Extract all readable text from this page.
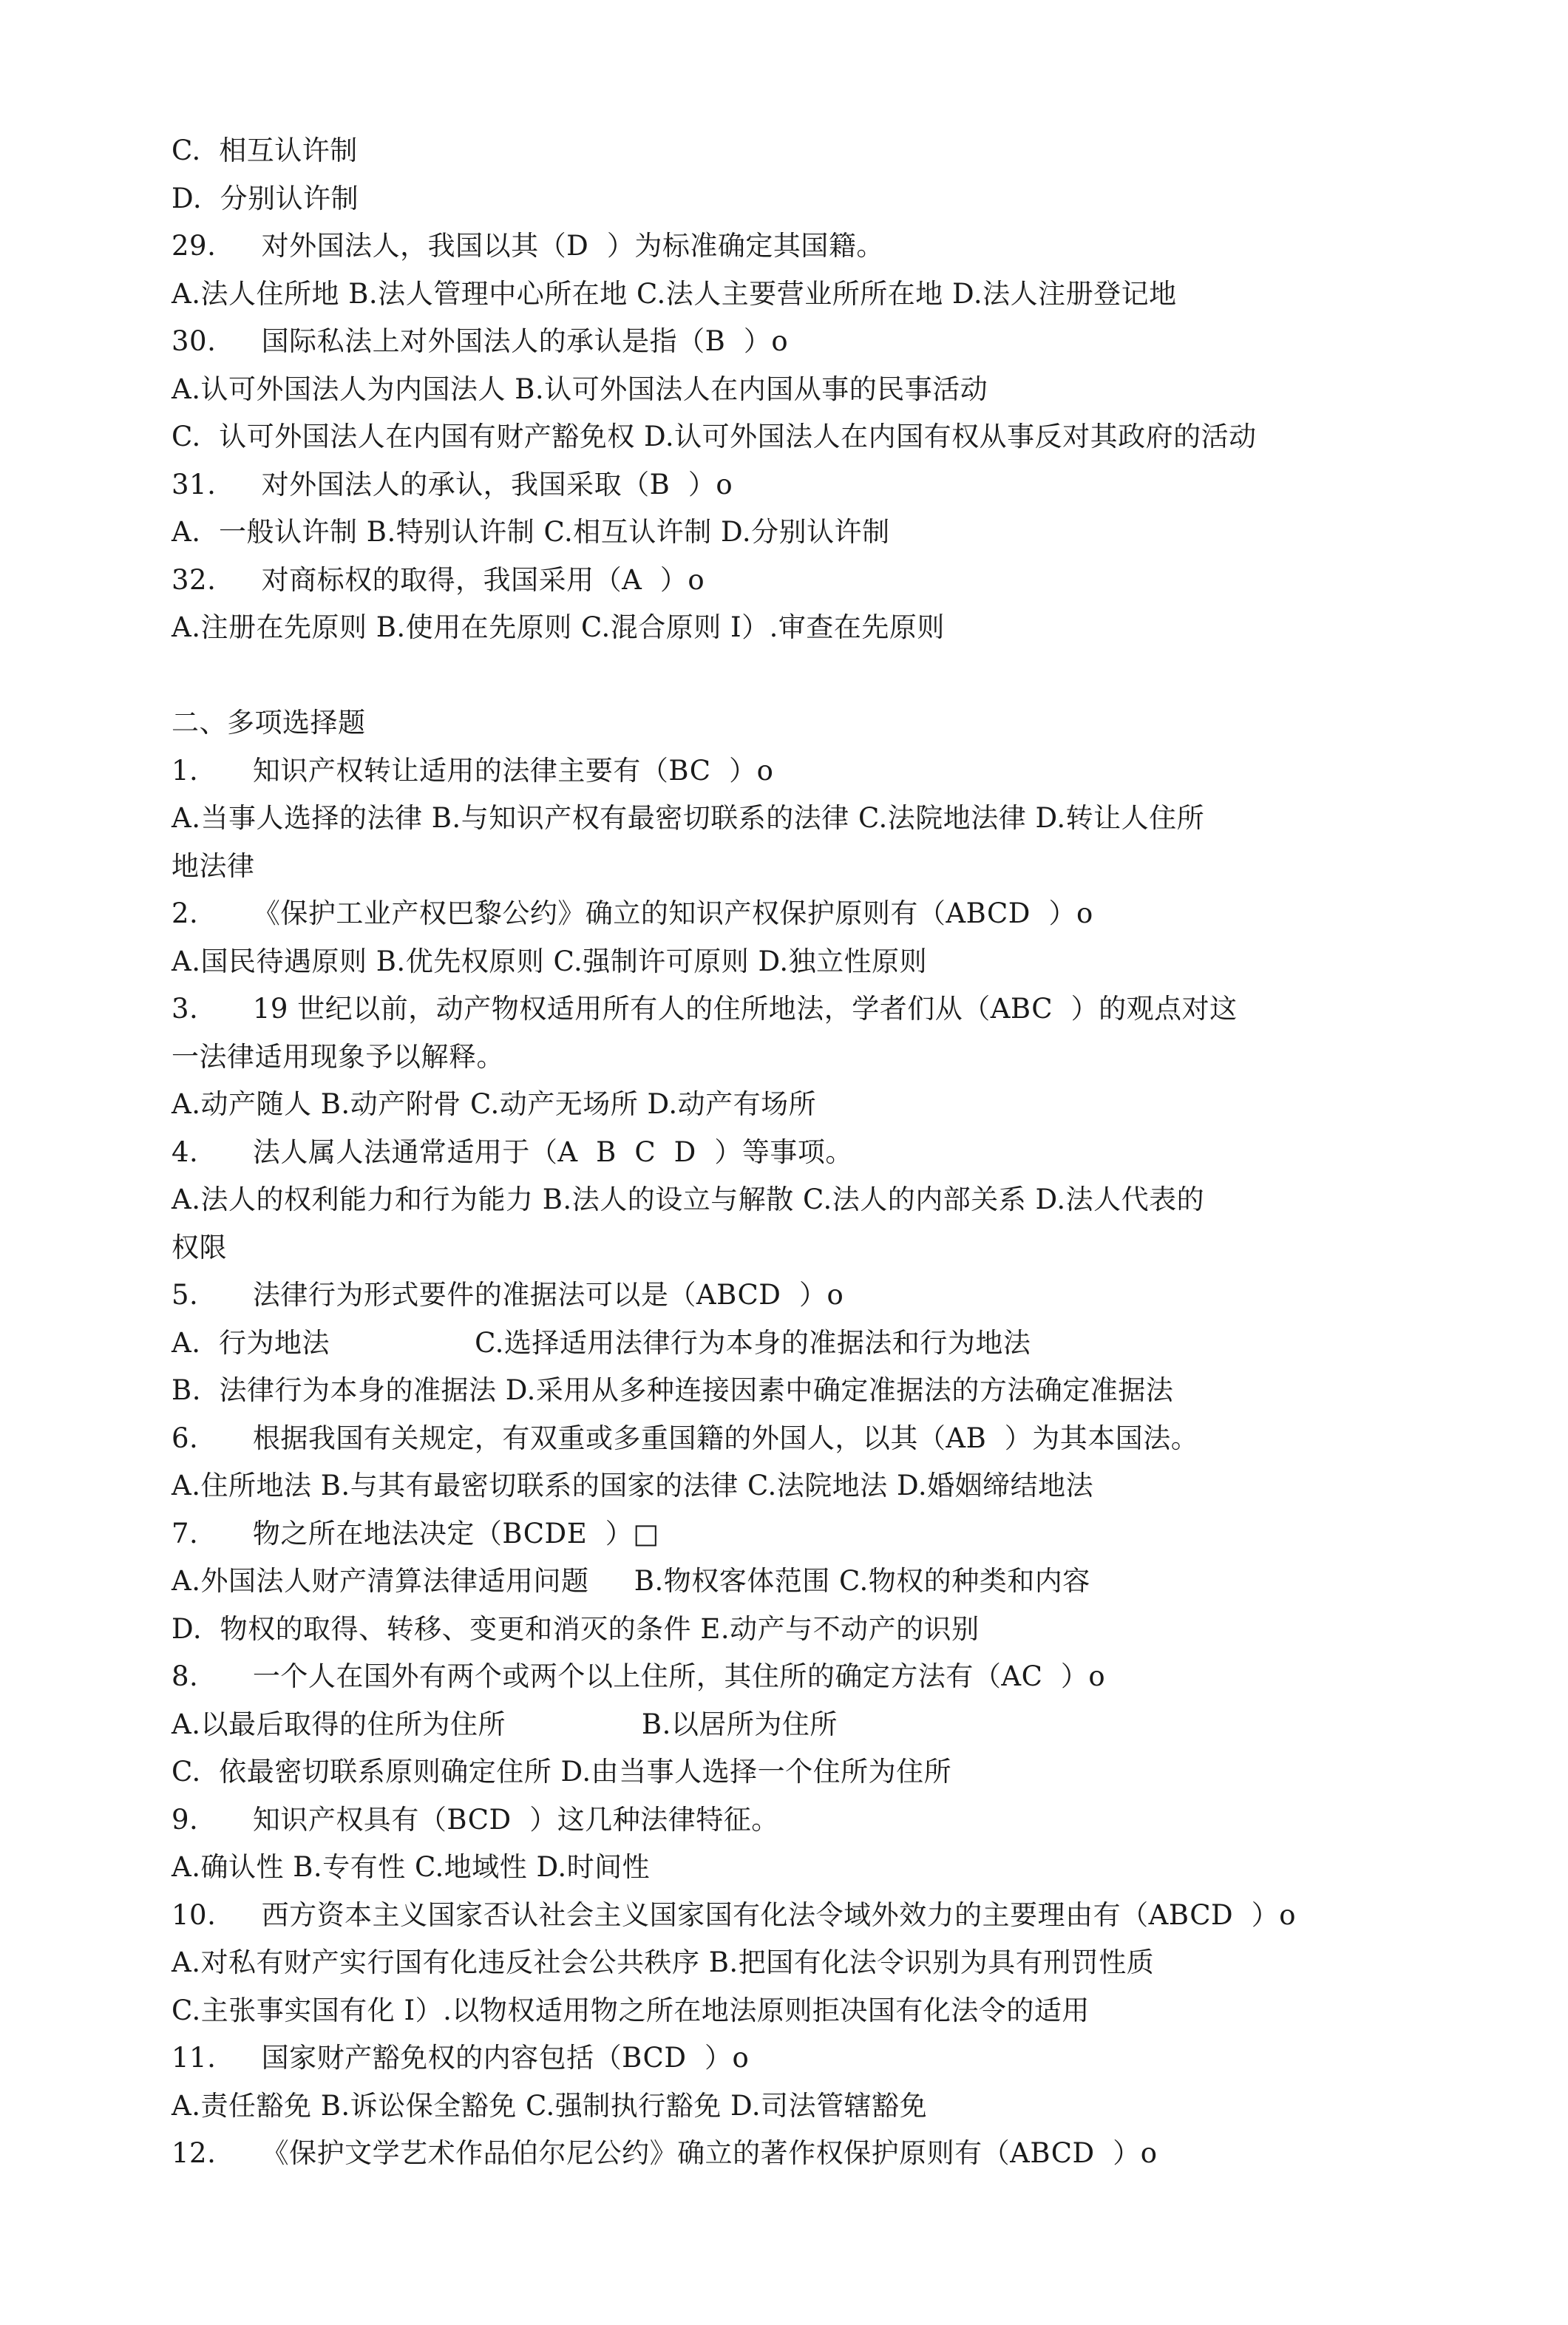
C.  相互认许制
D.  分别认许制
29.     对外国法人，我国以其（D  ）为标准确定其国籍。
A.法人住所地 B.法人管理中心所在地 C.法人主要营业所所在地 D.法人注册登记地
30.     国际私法上对外国法人的承认是指（B  ）o
A.认可外国法人为内国法人 B.认可外国法人在内国从事的民事活动
C.  认可外国法人在内国有财产豁免权 D.认可外国法人在内国有权从事反对其政府的活动
31.     对外国法人的承认，我国采取（B  ）o
A.  一般认许制 B.特别认许制 C.相互认许制 D.分别认许制
32.     对商标权的取得，我国采用（A  ）o
A.注册在先原则 B.使用在先原则 C.混合原则 I）.审查在先原则
二、多项选择题
1.      知识产权转让适用的法律主要有（BC  ）o
A.当事人选择的法律 B.与知识产权有最密切联系的法律 C.法院地法律 D.转让人住所
地法律
2.      《保护工业产权巴黎公约》确立的知识产权保护原则有（ABCD  ）o
A.国民待遇原则 B.优先权原则 C.强制许可原则 D.独立性原则
3.      19 世纪以前，动产物权适用所有人的住所地法，学者们从（ABC  ）的观点对这
一法律适用现象予以解释。
A.动产随人 B.动产附骨 C.动产无场所 D.动产有场所
4.      法人属人法通常适用于（A  B  C  D  ）等事项。
A.法人的权利能力和行为能力 B.法人的设立与解散 C.法人的内部关系 D.法人代表的
权限
5.      法律行为形式要件的准据法可以是（ABCD  ）o
A.  行为地法                C.选择适用法律行为本身的准据法和行为地法
B.  法律行为本身的准据法 D.采用从多种连接因素中确定准据法的方法确定准据法
6.      根据我国有关规定，有双重或多重国籍的外国人，以其（AB  ）为其本国法。
A.住所地法 B.与其有最密切联系的国家的法律 C.法院地法 D.婚姻缔结地法
7.      物之所在地法决定（BCDE  ）□
A.外国法人财产清算法律适用问题     B.物权客体范围 C.物权的种类和内容
D.  物权的取得、转移、变更和消灭的条件 E.动产与不动产的识别
8.      一个人在国外有两个或两个以上住所，其住所的确定方法有（AC  ）o
A.以最后取得的住所为住所               B.以居所为住所
C.  依最密切联系原则确定住所 D.由当事人选择一个住所为住所
9.      知识产权具有（BCD  ）这几种法律特征。
A.确认性 B.专有性 C.地域性 D.时间性
10.     西方资本主义国家否认社会主义国家国有化法令域外效力的主要理由有（ABCD  ）o
A.对私有财产实行国有化违反社会公共秩序 B.把国有化法令识别为具有刑罚性质
C.主张事实国有化 I）.以物权适用物之所在地法原则拒决国有化法令的适用
11.     国家财产豁免权的内容包括（BCD  ）o
A.责任豁免 B.诉讼保全豁免 C.强制执行豁免 D.司法管辖豁免
12.     《保护文学艺术作品伯尔尼公约》确立的著作权保护原则有（ABCD  ）o
